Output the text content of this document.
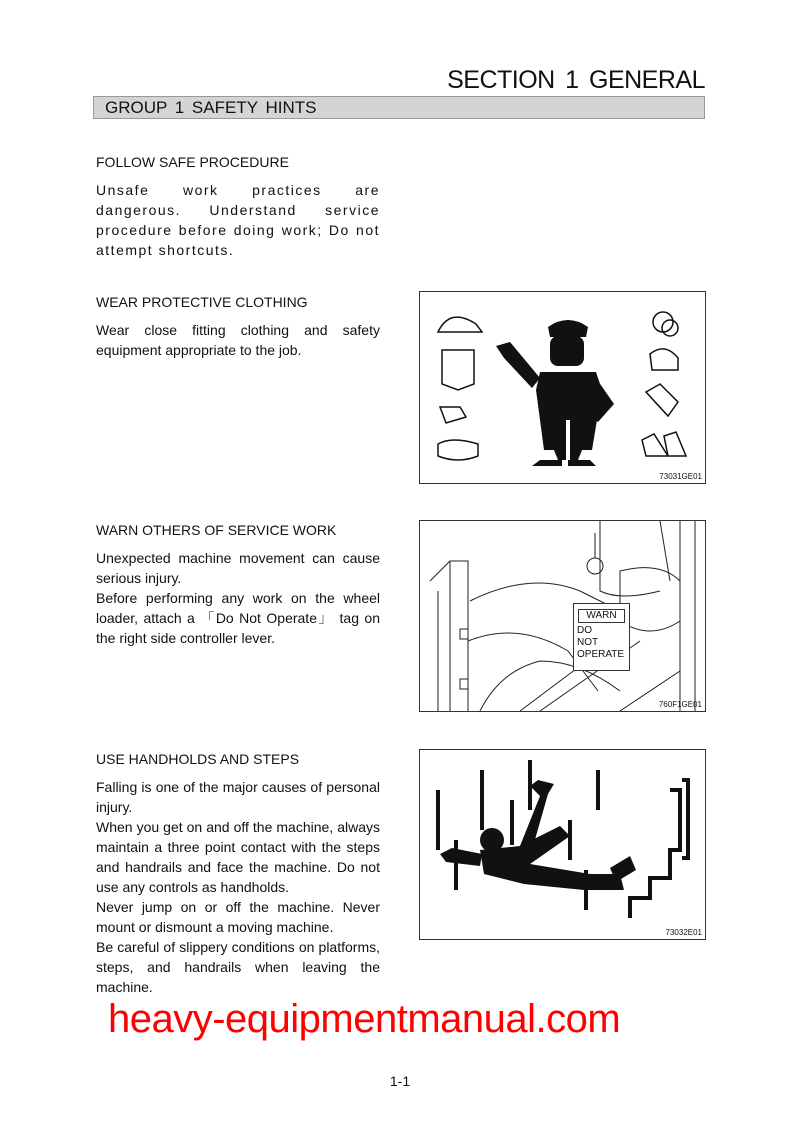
SECTION 1 GENERAL
GROUP 1 SAFETY HINTS
FOLLOW SAFE PROCEDURE
Unsafe work practices are dangerous. Understand service procedure before doing work; Do not attempt shortcuts.
WEAR PROTECTIVE CLOTHING
Wear close fitting clothing and safety equipment appropriate to the job.
73031GE01
WARN OTHERS OF SERVICE WORK
Unexpected machine movement can cause serious injury.
Before performing any work on the wheel loader, attach a 「Do Not Operate」 tag on the right side controller lever.
WARN
DO
NOT
OPERATE
760F1GE01
USE HANDHOLDS AND STEPS
Falling is one of the major causes of personal injury.
When you get on and off the machine, always maintain a three point contact with the steps and handrails and face the machine. Do not use any controls as handholds.
Never jump on or off the machine. Never mount or dismount a moving machine.
Be careful of slippery conditions on platforms, steps, and handrails when leaving the machine.
73032E01
heavy-equipmentmanual.com
1-1
